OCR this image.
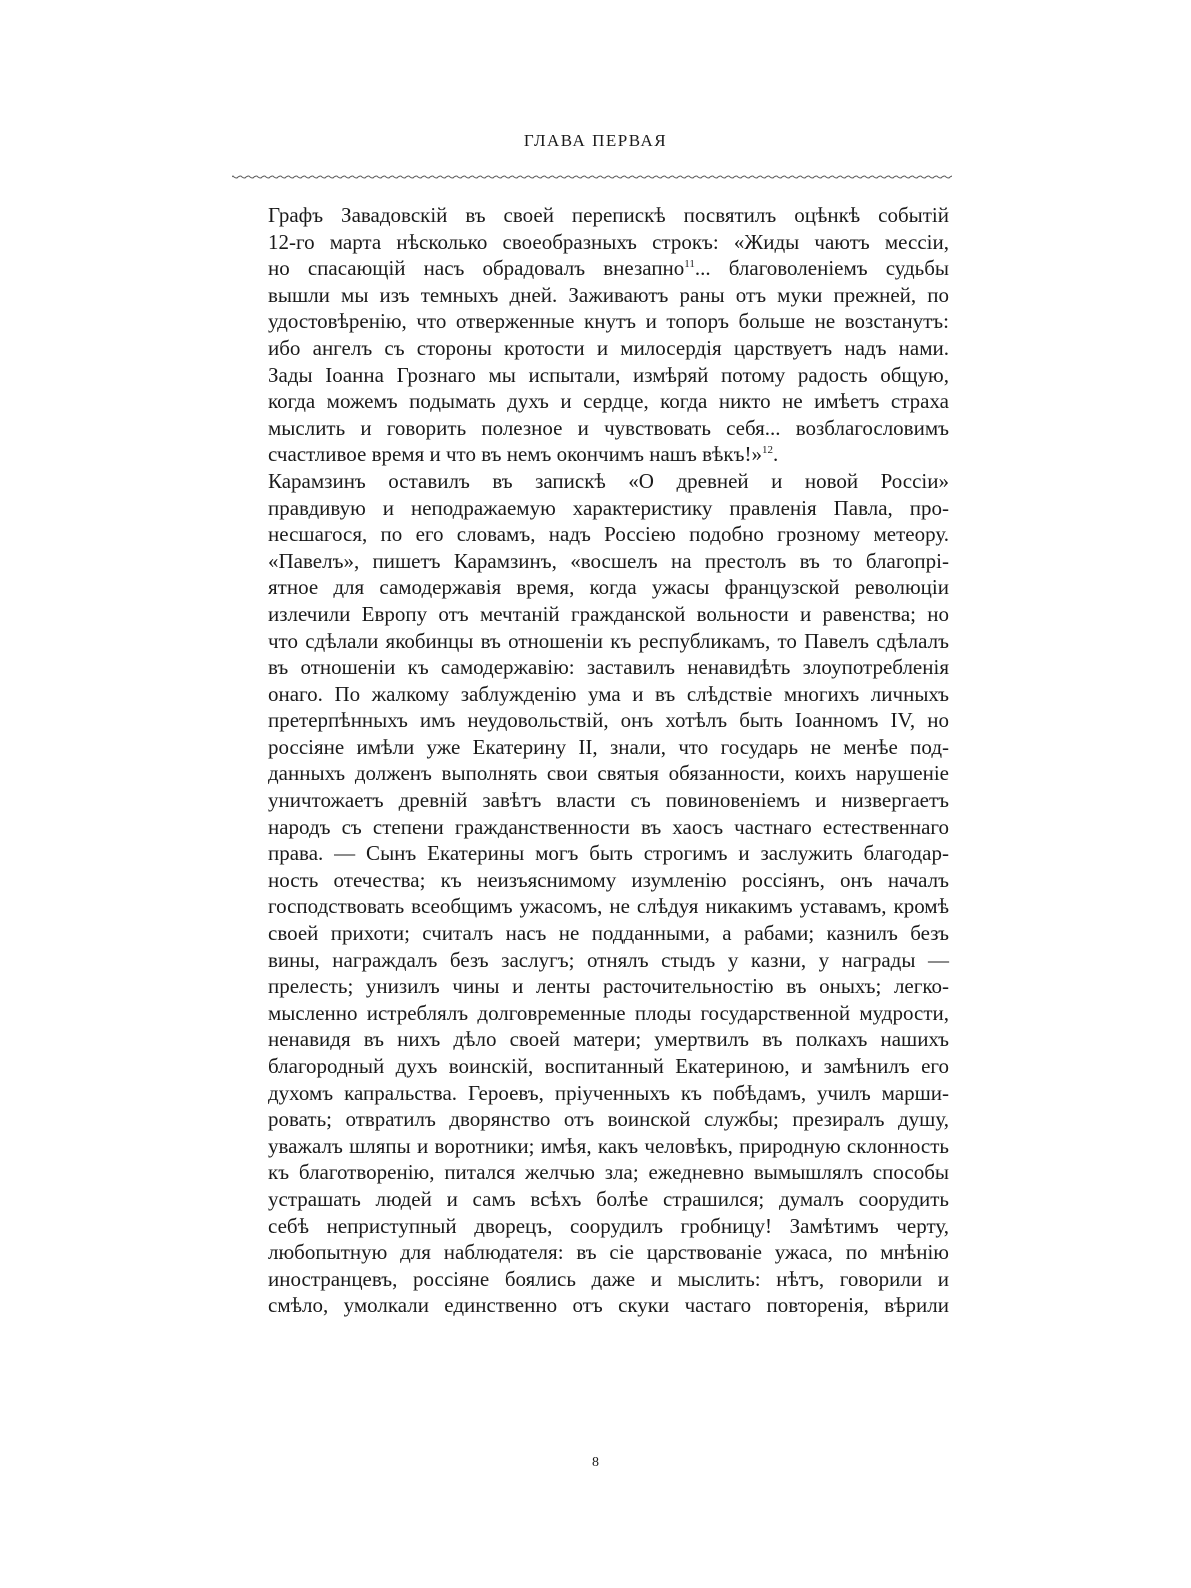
ГЛАВА ПЕРВАЯ

Графъ Завадовскій въ своей перепискѣ посвятилъ оцѣнкѣ событій
12-го марта нѣсколько своеобразныхъ строкъ: «Жиды чаютъ мессіи,
но спасающій насъ обрадовалъ внезапно$^{11}$... благоволеніемъ судьбы
вышли мы изъ темныхъ дней. Заживаютъ раны отъ муки прежней, по
удостовѣренію, что отверженные кнутъ и топоръ больше не возстанутъ:
ибо ангелъ съ стороны кротости и милосердія царствуетъ надъ нами.
Зады Іоанна Грознаго мы испытали, измѣряй потому радость общую,
когда можемъ подымать духъ и сердце, когда никто не имѣетъ страха
мыслить и говорить полезное и чувствовать себя... возблагословимъ
счастливое время и что въ немъ окончимъ нашъ вѣкъ!»$^{12}$.

Карамзинъ оставилъ въ запискѣ «О древней и новой Россіи»
правдивую и неподражаемую характеристику правленія Павла, про-
несшагося, по его словамъ, надъ Россіею подобно грозному метеору.
«Павелъ», пишетъ Карамзинъ, «восшелъ на престолъ въ то благопрі-
ятное для самодержавія время, когда ужасы французской революціи
излечили Европу отъ мечтаній гражданской вольности и равенства; но
что сдѣлали якобинцы въ отношеніи къ республикамъ, то Павелъ сдѣлалъ
въ отношеніи къ самодержавію: заставилъ ненавидѣть злоупотребленія
онаго. По жалкому заблужденію ума и въ слѣдствіе многихъ личныхъ
претерпѣнныхъ имъ неудовольствій, онъ хотѣлъ быть Іоанномъ IV, но
россіяне имѣли уже Екатерину II, знали, что государь не менѣе под-
данныхъ долженъ выполнять свои святыя обязанности, коихъ нарушеніе
уничтожаетъ древній завѣтъ власти съ повиновеніемъ и низвергаетъ
народъ съ степени гражданственности въ хаосъ частнаго естественнаго
права. — Сынъ Екатерины могъ быть строгимъ и заслужить благодар-
ность отечества; къ неизъяснимому изумленію россіянъ, онъ началъ
господствовать всеобщимъ ужасомъ, не слѣдуя никакимъ уставамъ, кромѣ
своей прихоти; считалъ насъ не подданными, а рабами; казнилъ безъ
вины, награждалъ безъ заслугъ; отнялъ стыдъ у казни, у награды —
прелесть; унизилъ чины и ленты расточительностію въ оныхъ; легко-
мысленно истреблялъ долговременные плоды государственной мудрости,
ненавидя въ нихъ дѣло своей матери; умертвилъ въ полкахъ нашихъ
благородный духъ воинскій, воспитанный Екатериною, и замѣнилъ его
духомъ капральства. Героевъ, пріученныхъ къ побѣдамъ, училъ марши-
ровать; отвратилъ дворянство отъ воинской службы; презиралъ душу,
уважалъ шляпы и воротники; имѣя, какъ человѣкъ, природную склонность
къ благотворенію, питался желчью зла; ежедневно вымышлялъ способы
устрашать людей и самъ всѣхъ болѣе страшился; думалъ соорудить
себѣ неприступный дворецъ, соорудилъ гробницу! Замѣтимъ черту,
любопытную для наблюдателя: въ сіе царствованіе ужаса, по мнѣнію
иностранцевъ, россіяне боялись даже и мыслить: нѣтъ, говорили и
смѣло, умолкали единственно отъ скуки частаго повторенія, вѣрили

8
